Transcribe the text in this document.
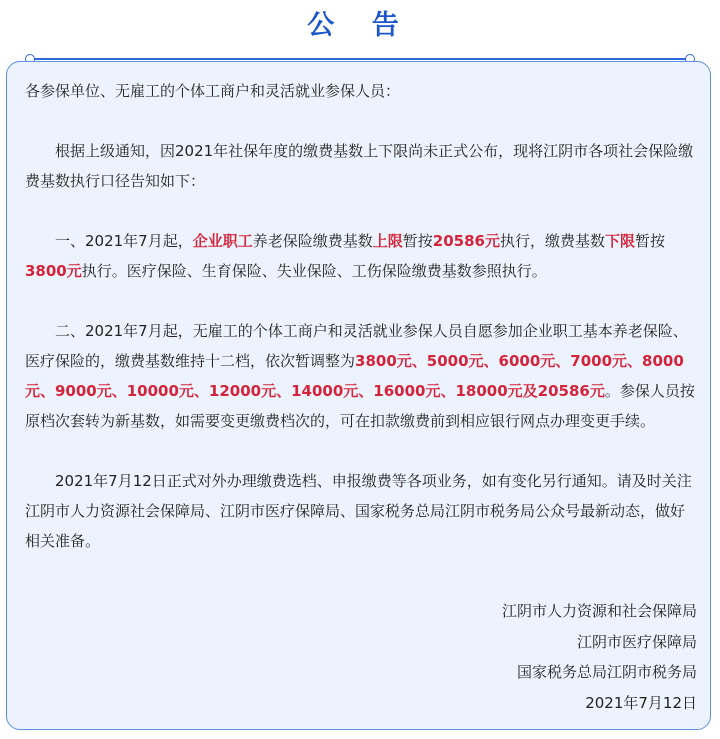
公 告

各参保单位、无雇工的个体工商户和灵活就业参保人员：

根据上级通知，因2021年社保年度的缴费基数上下限尚未正式公布，现将江阴市各项社会保险缴费基数执行口径告知如下：

一、2021年7月起，企业职工养老保险缴费基数上限暂按20586元执行，缴费基数下限暂按3800元执行。医疗保险、生育保险、失业保险、工伤保险缴费基数参照执行。

二、2021年7月起，无雇工的个体工商户和灵活就业参保人员自愿参加企业职工基本养老保险、医疗保险的，缴费基数维持十二档，依次暂调整为3800元、5000元、6000元、7000元、8000元、9000元、10000元、12000元、14000元、16000元、18000元及20586元。参保人员按原档次套转为新基数，如需要变更缴费档次的，可在扣款缴费前到相应银行网点办理变更手续。

2021年7月12日正式对外办理缴费选档、申报缴费等各项业务，如有变化另行通知。请及时关注江阴市人力资源社会保障局、江阴市医疗保障局、国家税务总局江阴市税务局公众号最新动态，做好相关准备。

江阴市人力资源和社会保障局
江阴市医疗保障局
国家税务总局江阴市税务局
2021年7月12日
